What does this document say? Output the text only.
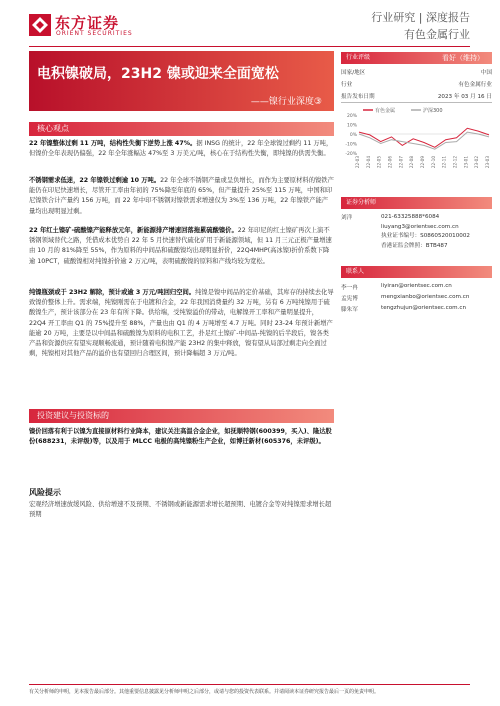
东方证券
ORIENT SECURITIES
行业研究 | 深度报告
有色金属行业
电积镍破局，23H2 镍或迎来全面宽松
——镍行业深度③
核心观点
22 年镍整体过剩 11 万吨，结构性失衡下逆势上涨 47%。据 INSG 的统计，22 年全球镍过剩约 11 万吨，但镍价全年表现仍偏强，22 年全年涨幅达 47%至 3 万美元/吨，核心在于结构性失衡，即纯镍的供需失衡。
不锈钢需求低迷，22 年镍铁过剩逾 10 万吨。22 年全球不锈钢产量或呈负增长，而作为主要原材料的镍铁产能仍在印尼快速增长，尽管开工率由年初的 75%降至年底的 65%，但产量提升 25%至 115 万吨，中国和印尼镍铁合计产量约 156 万吨，而 22 年中印不锈钢对镍铁需求增速仅为 3%至 136 万吨，22 年镍铁产能产量均出现明显过剩。
22 年红土镍矿-硫酸镍产能释放元年，新能源排产增速回落拖累硫酸镍价。22 年印尼的红土镍矿再次上演不锈钢领域替代之路，凭借成本优势自 22 年 5 月快速替代硫化矿用于新能源领域，但 11 月三元正极产量增速由 10 月的 81%降至 55%，作为原料的中间品和硫酸镍均出现明显折价，22Q4MHP(高冰镍)折价系数下降逾 10PCT，硫酸镍相对纯镍折价逾 2 万元/吨，表明硫酸镍的原料和产线均较为宽松。
纯镍瓶颈或于 23H2 解除，预计或逾 3 万元/吨回归空间。纯镍是镍中间品的定价基础，其库存的持续去化导致镍价整体上升。需求端，纯镍刚需在于电镀和合金，22 年我国消费量约 32 万吨，另有 6 万吨纯镍用于硫酸镍生产，预计该部分在 23 年有所下降。供给端，受纯镍溢价的带动，电解镍开工率和产量明显提升，22Q4 开工率由 Q1 的 75%提升至 88%，产量也由 Q1 的 4 万吨增至 4.7 万吨。同时 23-24 年预计新增产能逾 20 万吨，主要是以中间品和硫酸镍为原料的电积工艺，扑足红土镍矿-中间品-纯镍的后半段后，镍各类产品和资源供应有望实现顺畅流通，预计随着电积镍产能 23H2 的集中释放，镍有望从局部过剩走向全面过剩，纯镍相对其他产品的溢价也有望回归合理区间，预计降幅超 3 万元/吨。
投资建议与投资标的
镍价回落有利于以镍为直接原材料行业降本，建议关注高温合金企业，如抚顺特钢(600399，买入)、隆达股份(688231，未评级)等，以及用于 MLCC 电极的高纯镍粉生产企业，如博迁新材(605376，未评级)。
风险提示
宏观经济增速放缓风险、供给增速不及预期、不锈钢或新能源需求增长超预期、电镀合金等对纯镍需求增长超预期
行业评级	看好（维持）
国家/地区	中国
行业	有色金属行业
报告发布日期	2023 年 03 月 16 日
有色金属	沪深300
20%
10%
0%
-10%
-20%
22-03 22-04 22-05 22-06 22-07 22-08 22-09 22-10 22-11 22-12 23-01 23-02 23-03
证券分析师
刘洋	021-63325888*6084
liuyang3@orientsec.com.cn
执业证书编号：S0860520010002
香港证监会牌照：BTB487
联系人
李一冉	liyiran@orientsec.com.cn
孟宪博	mengxianbo@orientsec.com.cn
滕朱军	tengzhujun@orientsec.com.cn
有关分析师的申明，见本报告最后部分。其他重要信息披露见分析师申明之后部分，或请与您的投资代表联系。并请阅读本证券研究报告最后一页的免责申明。
